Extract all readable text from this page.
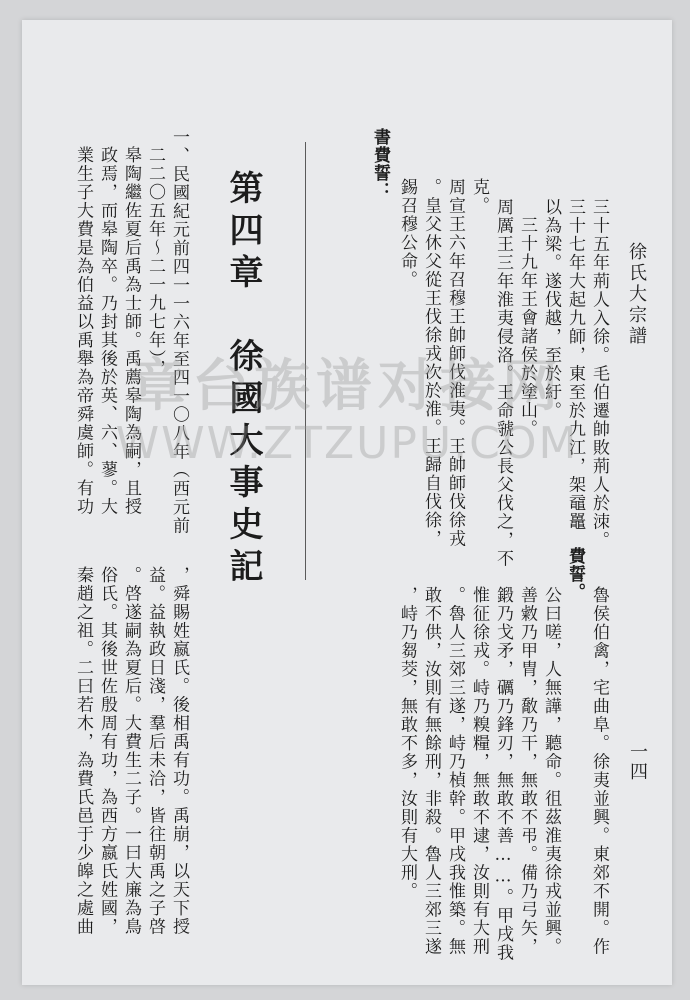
徐氏大宗譜
一四
三十五年荊人入徐。毛伯遷帥敗荊人於洓。
三十七年大起九師，東至於九江，架黿鼉
以為梁。遂伐越，至於紆。
三十九年王會諸侯於塗山。
周厲王三年淮夷侵洛。王命虢公長父伐之，不
克。
周宣王六年召穆王帥師伐淮夷。王帥師伐徐戎
。皇父休父從王伐徐戎次於淮。王歸自伐徐，
錫召穆公命。
書費誓：
魯侯伯禽，宅曲阜。徐夷並興。東郊不開。作
費誓。
公曰嗟，人無譁，聽命。徂茲淮夷徐戎並興。
善敹乃甲胄，敿乃干，無敢不弔。備乃弓矢，
鍛乃戈矛，礪乃鋒刃，無敢不善……。甲戌我
惟征徐戎。峙乃糗糧，無敢不逮，汝則有大刑
。魯人三郊三遂，峙乃楨幹。甲戌我惟築。無
敢不供，汝則有無餘刑，非殺。魯人三郊三遂
，峙乃芻茭，無敢不多，汝則有大刑。
第四章　徐國大事史記
一、民國紀元前四一一六年至四一〇八年（西元前
二二〇五年～二一九七年），
皋陶繼佐夏后禹為士師。禹薦皋陶為嗣，且授
政焉，而皋陶卒。乃封其後於英、六、蓼。大
業生子大費是為伯益以禹舉為帝舜虞師。有功
，舜賜姓嬴氏。後相禹有功。禹崩，以天下授
益。益執政日淺，羣后未洽，皆往朝禹之子啓
。啓遂嗣為夏后。大費生二子。一曰大廉為鳥
俗氏。其後世佐殷周有功，為西方嬴氏姓國，
秦趙之祖。二曰若木，為費氏邑于少皞之處曲
章台族谱对接网
WWW.ZTZUPU.COM
